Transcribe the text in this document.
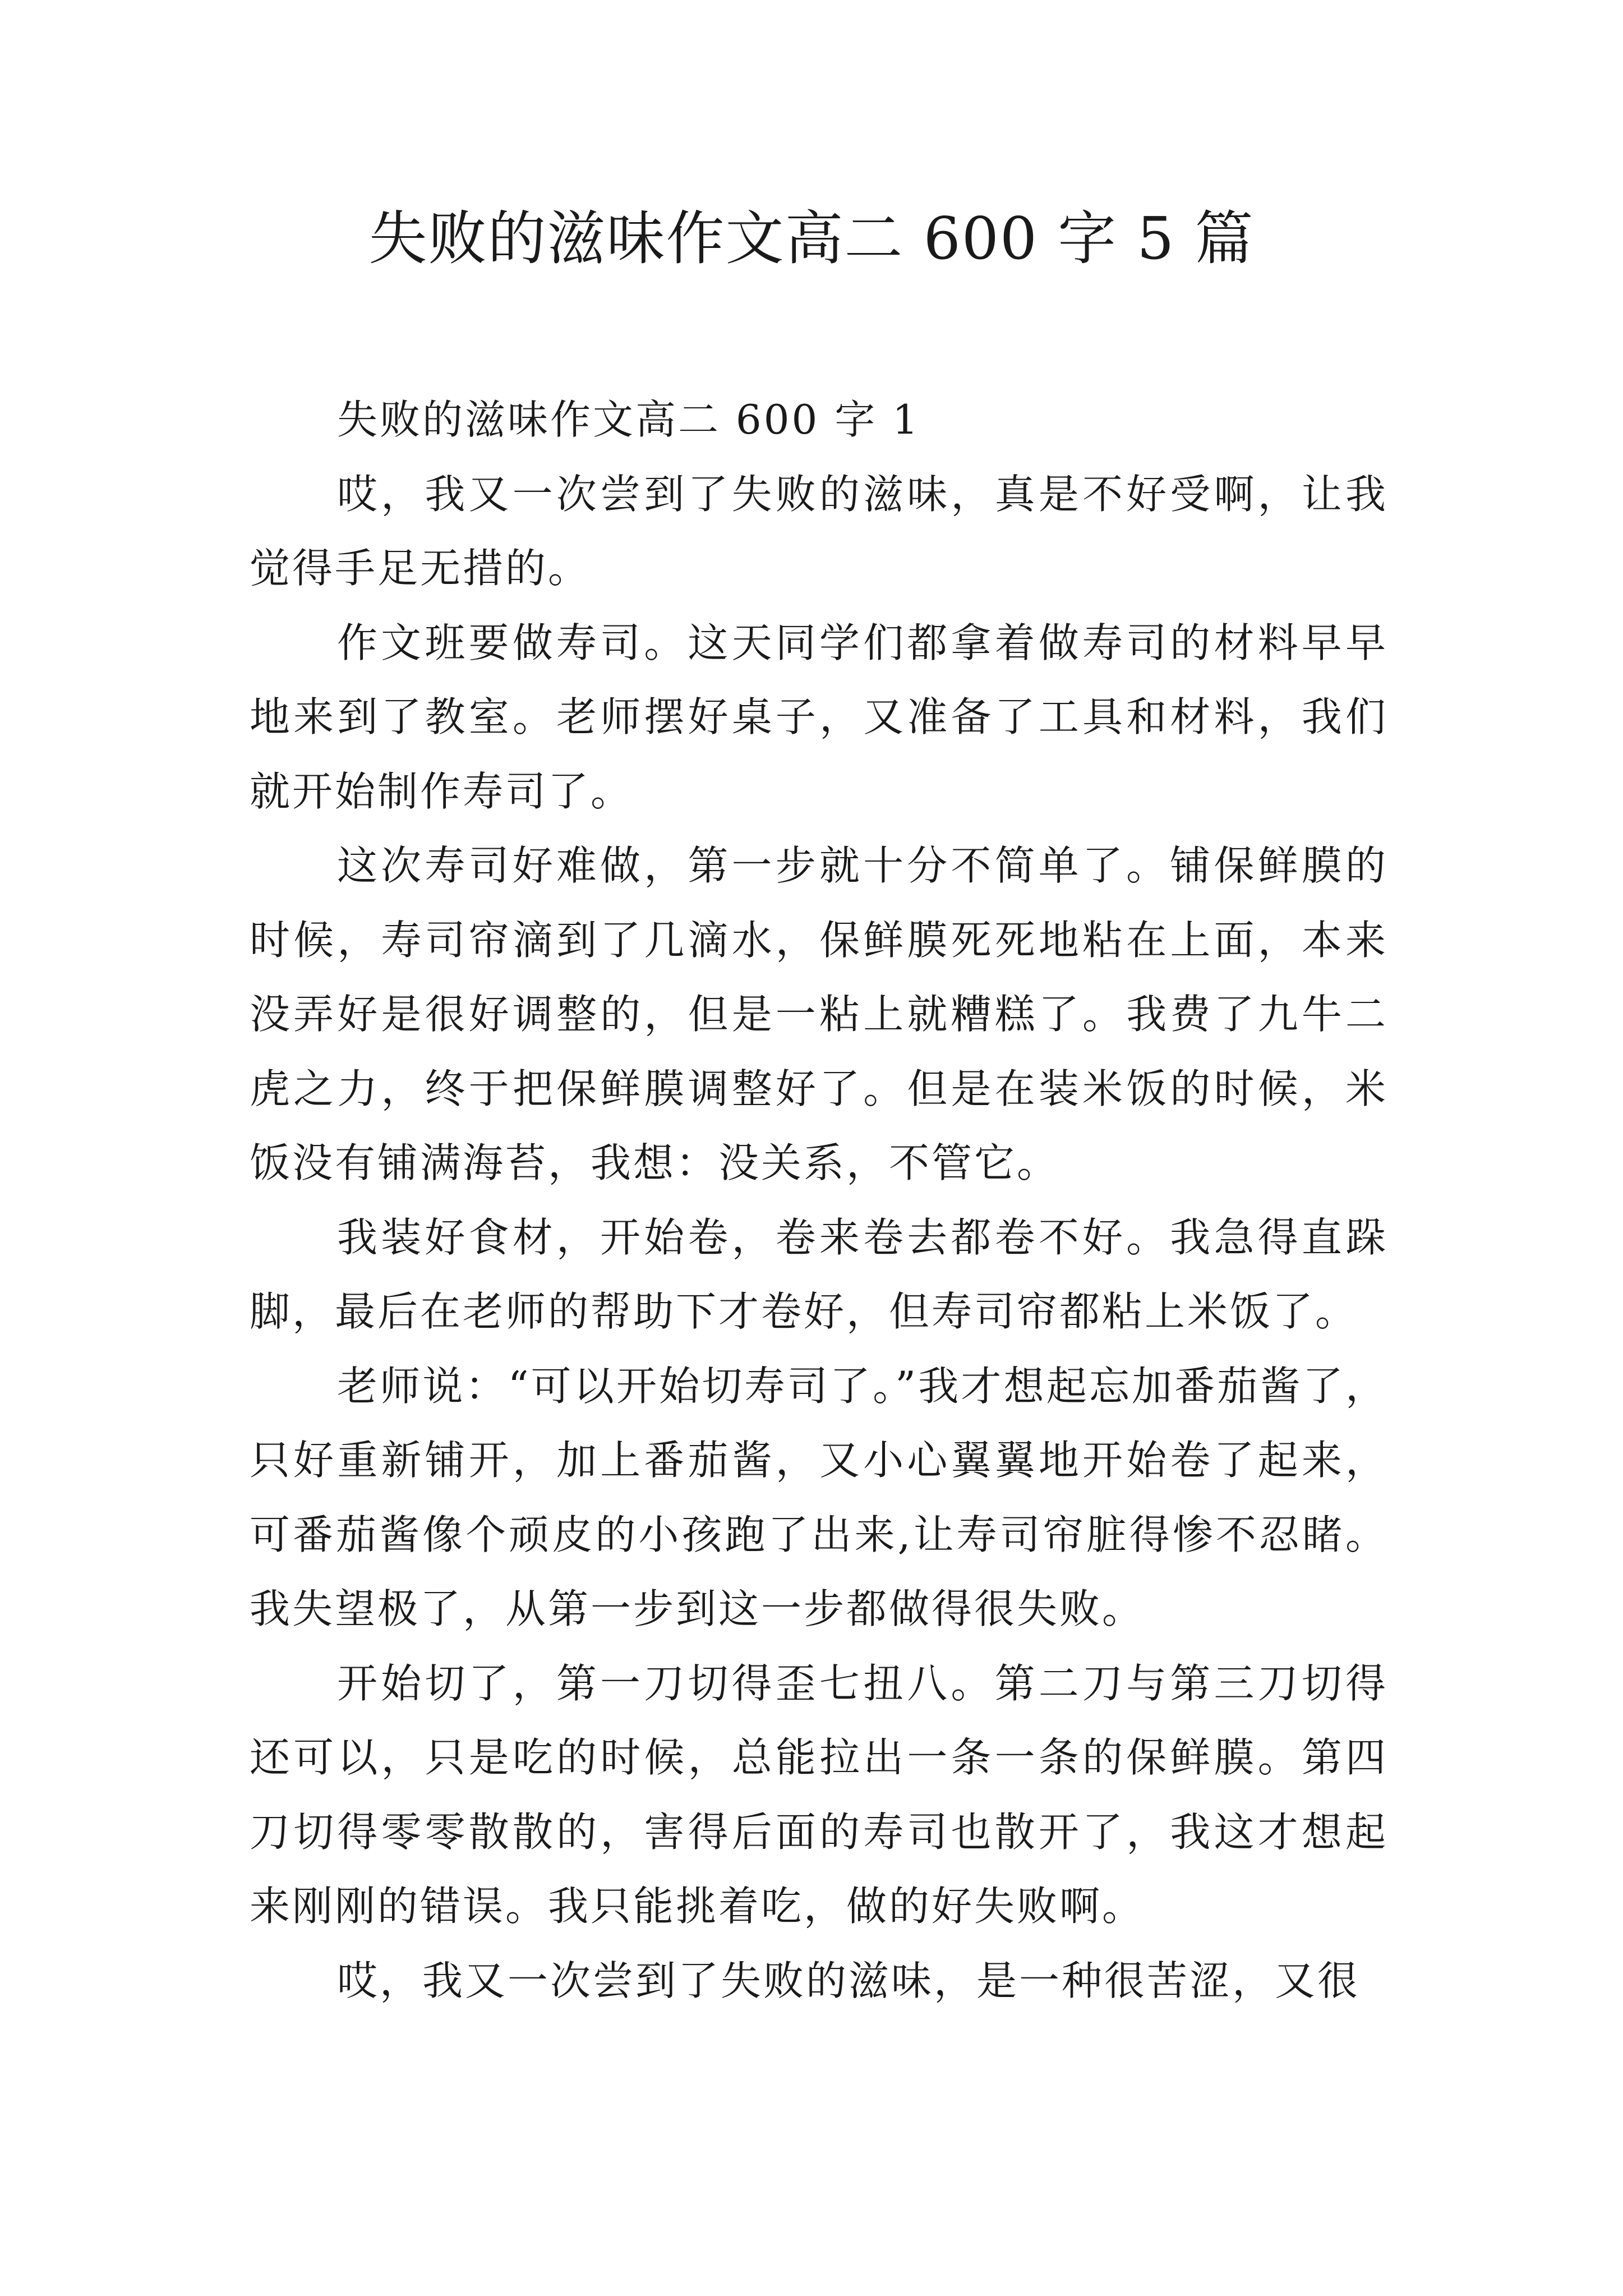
失败的滋味作文高二 600 字 5 篇

失败的滋味作文高二 600 字 1

哎，我又一次尝到了失败的滋味，真是不好受啊，让我觉得手足无措的。

作文班要做寿司。这天同学们都拿着做寿司的材料早早地来到了教室。老师摆好桌子，又准备了工具和材料，我们就开始制作寿司了。

这次寿司好难做，第一步就十分不简单了。铺保鲜膜的时候，寿司帘滴到了几滴水，保鲜膜死死地粘在上面，本来没弄好是很好调整的，但是一粘上就糟糕了。我费了九牛二虎之力，终于把保鲜膜调整好了。但是在装米饭的时候，米饭没有铺满海苔，我想：没关系，不管它。

我装好食材，开始卷，卷来卷去都卷不好。我急得直跺脚，最后在老师的帮助下才卷好，但寿司帘都粘上米饭了。

老师说：“可以开始切寿司了。”我才想起忘加番茄酱了，只好重新铺开，加上番茄酱，又小心翼翼地开始卷了起来，可番茄酱像个顽皮的小孩跑了出来,让寿司帘脏得惨不忍睹。我失望极了，从第一步到这一步都做得很失败。

开始切了，第一刀切得歪七扭八。第二刀与第三刀切得还可以，只是吃的时候，总能拉出一条一条的保鲜膜。第四刀切得零零散散的，害得后面的寿司也散开了，我这才想起来刚刚的错误。我只能挑着吃，做的好失败啊。

哎，我又一次尝到了失败的滋味，是一种很苦涩，又很
